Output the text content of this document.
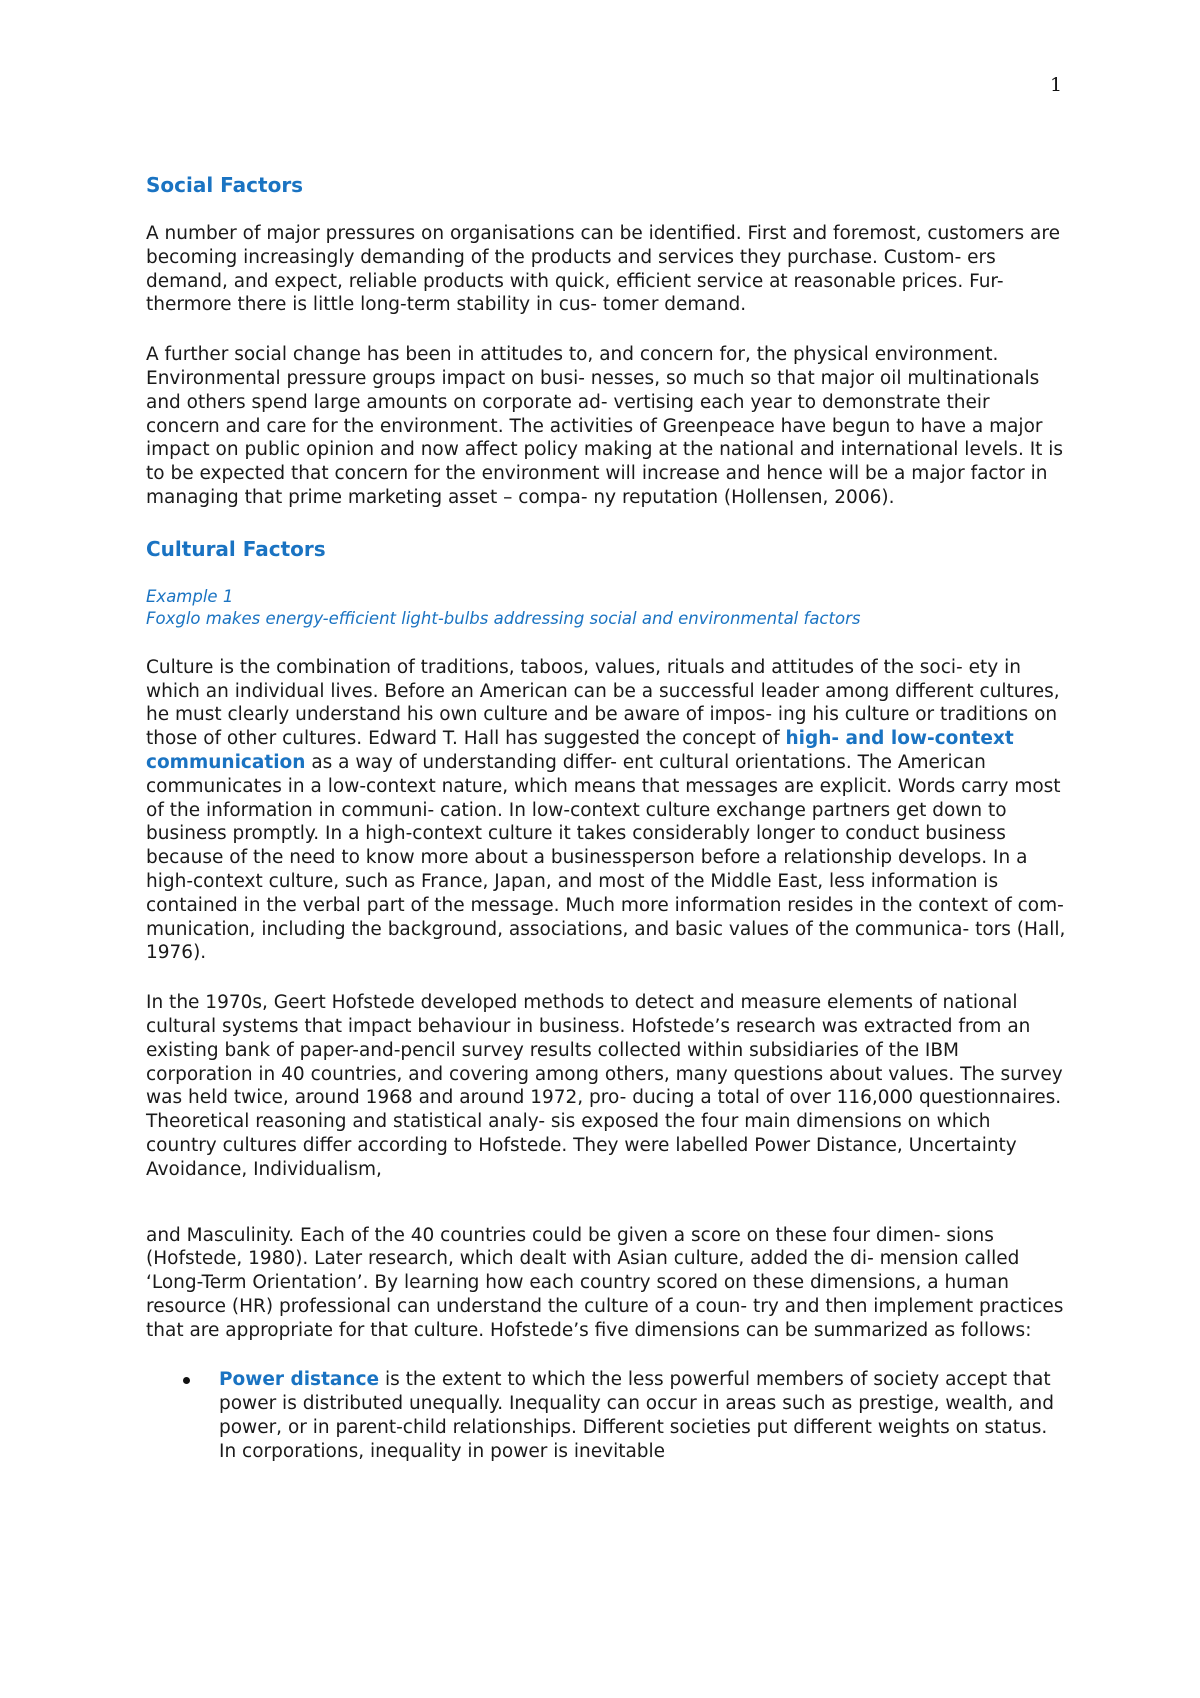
1
Social Factors

A number of major pressures on organisations can be identified. First and foremost, customers are becoming increasingly demanding of the products and services they purchase. Custom- ers demand, and expect, reliable products with quick, efficient service at reasonable prices. Fur- thermore there is little long-term stability in cus- tomer demand.

A further social change has been in attitudes to, and concern for, the physical environment. Environmental pressure groups impact on busi- nesses, so much so that major oil multinationals and others spend large amounts on corporate ad- vertising each year to demonstrate their concern and care for the environment. The activities of Greenpeace have begun to have a major impact on public opinion and now affect policy making at the national and international levels. It is to be expected that concern for the environment will increase and hence will be a major factor in managing that prime marketing asset – compa- ny reputation (Hollensen, 2006).

Cultural Factors
Example 1
Foxglo makes energy-efficient light-bulbs addressing social and environmental factors

Culture is the combination of traditions, taboos, values, rituals and attitudes of the soci- ety in which an individual lives. Before an American can be a successful leader among different cultures, he must clearly understand his own culture and be aware of impos- ing his culture or traditions on those of other cultures. Edward T. Hall has suggested the concept of high- and low-context communication as a way of understanding differ- ent cultural orientations. The American communicates in a low-context nature, which means that messages are explicit. Words carry most of the information in communi- cation. In low-context culture exchange partners get down to business promptly. In a high-context culture it takes considerably longer to conduct business because of the need to know more about a businessperson before a relationship develops. In a high-context culture, such as France, Japan, and most of the Middle East, less information is contained in the verbal part of the message. Much more information resides in the context of com- munication, including the background, associations, and basic values of the communica- tors (Hall, 1976).

In the 1970s, Geert Hofstede developed methods to detect and measure elements of national cultural systems that impact behaviour in business. Hofstede’s research was extracted from an existing bank of paper-and-pencil survey results collected within subsidiaries of the IBM corporation in 40 countries, and covering among others, many questions about values. The survey was held twice, around 1968 and around 1972, pro- ducing a total of over 116,000 questionnaires. Theoretical reasoning and statistical analy- sis exposed the four main dimensions on which country cultures differ according to Hofstede. They were labelled Power Distance, Uncertainty Avoidance, Individualism,

and Masculinity. Each of the 40 countries could be given a score on these four dimen- sions (Hofstede, 1980). Later research, which dealt with Asian culture, added the di- mension called ‘Long-Term Orientation’. By learning how each country scored on these dimensions, a human resource (HR) professional can understand the culture of a coun- try and then implement practices that are appropriate for that culture. Hofstede’s five dimensions can be summarized as follows:

Power distance is the extent to which the less powerful members of society accept that power is distributed unequally. Inequality can occur in areas such as prestige, wealth, and power, or in parent-child relationships. Different societies put different weights on status. In corporations, inequality in power is inevitable
